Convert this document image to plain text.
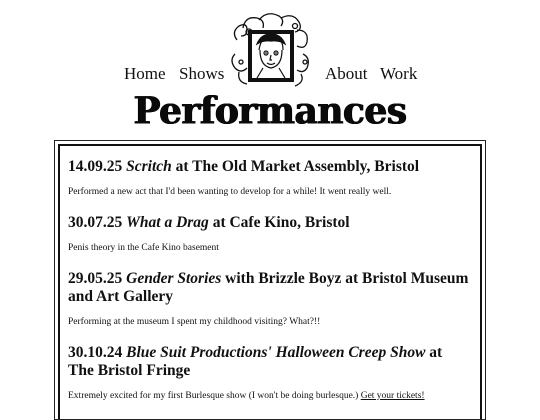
Home Shows	About Work
Performances
14.09.25 Scritch at The Old Market Assembly, Bristol

Performed a new act that I'd been wanting to develop for a while! It went really well.

30.07.25 What a Drag at Cafe Kino, Bristol

Penis theory in the Cafe Kino basement

29.05.25 Gender Stories with Brizzle Boyz at Bristol Museum and Art Gallery

Performing at the museum I spent my childhood visiting? What?!!

30.10.24 Blue Suit Productions' Halloween Creep Show at The Bristol Fringe

Extremely excited for my first Burlesque show (I won't be doing burlesque.) Get your tickets!
